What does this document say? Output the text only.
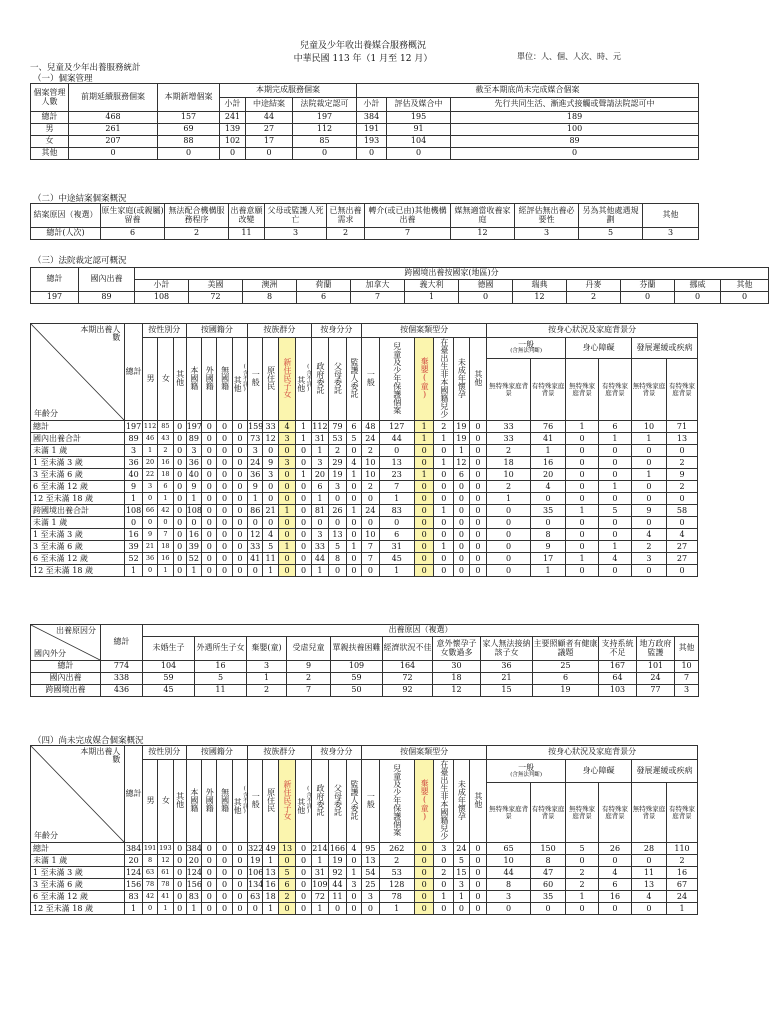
兒童及少年收出養媒合服務概況
中華民國 113 年（1 月至 12 月）	單位：人、個、人次、時、元
一、兒童及少年出養服務統計
（一）個案管理
個案管理人數	前期延續服務個案	本期新增個案	本期完成服務個案			截至本期底尚未完成媒合個案		
			小計	中途結案	法院裁定認可	小計	評估及媒合中	先行共同生活、漸進式接觸或聲請法院認可中
總計	468	157	241	44	197	384	195	189
男	261	69	139	27	112	191	91	100
女	207	88	102	17	85	193	104	89
其他	0	0	0	0	0	0	0	0
（二）中途結案個案概況
結案原因（複選）	原生家庭(或親屬)留養	無法配合機構服務程序	出養意願改變	父母或監護人死亡	已無出養需求	轉介(或已由)其他機構出養	媒無適當收養家庭	經評估無出養必要性	另為其他處遇規劃	其他
總計(人次)	6	2	11	3	2	7	12	3	5	3
（三）法院裁定認可概況
總計	國內出養	跨國境出養按國家(地區)分											
		小計	美國	澳洲	荷蘭	加拿大	義大利	德國	瑞典	丹麥	芬蘭	挪威	其他
197	89	108	72	8	6	7	1	0	12	2	0	0	0
本期出養人數
年齡分	總計	按性別分			按國籍分				按族群分				按身分分			按個案類型分						按身心狀況及家庭背景分					
		男	女	其他	本國籍	外國籍	無國籍	其他(含不詳)	一般	原住民	新住民子女	其他(含不詳)	政府委託	父母委託	監護人委託	一般	兒童及少年保護個案	棄嬰(童)	在臺出生非本國籍兒少	未成年懷孕	其他	一般
(含無法判斷)		身心障礙		發展遲緩或疾病	
																						無特殊家庭背景	有特殊家庭背景	無特殊家庭背景	有特殊家庭背景	無特殊家庭背景	有特殊家庭背景
總計	197	112	85	0	197	0	0	0	159	33	4	1	112	79	6	48	127	1	2	19	0	33	76	1	6	10	71
國內出養合計	89	46	43	0	89	0	0	0	73	12	3	1	31	53	5	24	44	1	1	19	0	33	41	0	1	1	13
未滿 1 歲	3	1	2	0	3	0	0	0	3	0	0	0	1	2	0	2	0	0	0	1	0	2	1	0	0	0	0
1 至未滿 3 歲	36	20	16	0	36	0	0	0	24	9	3	0	3	29	4	10	13	0	1	12	0	18	16	0	0	0	2
3 至未滿 6 歲	40	22	18	0	40	0	0	0	36	3	0	1	20	19	1	10	23	1	0	6	0	10	20	0	0	1	9
6 至未滿 12 歲	9	3	6	0	9	0	0	0	9	0	0	0	6	3	0	2	7	0	0	0	0	2	4	0	1	0	2
12 至未滿 18 歲	1	0	1	0	1	0	0	0	1	0	0	0	1	0	0	0	1	0	0	0	0	1	0	0	0	0	0
跨國境出養合計	108	66	42	0	108	0	0	0	86	21	1	0	81	26	1	24	83	0	1	0	0	0	35	1	5	9	58
未滿 1 歲	0	0	0	0	0	0	0	0	0	0	0	0	0	0	0	0	0	0	0	0	0	0	0	0	0	0	0
1 至未滿 3 歲	16	9	7	0	16	0	0	0	12	4	0	0	3	13	0	10	6	0	0	0	0	0	8	0	0	4	4
3 至未滿 6 歲	39	21	18	0	39	0	0	0	33	5	1	0	33	5	1	7	31	0	1	0	0	0	9	0	1	2	27
6 至未滿 12 歲	52	36	16	0	52	0	0	0	41	11	0	0	44	8	0	7	45	0	0	0	0	0	17	1	4	3	27
12 至未滿 18 歲	1	0	1	0	1	0	0	0	0	1	0	0	1	0	0	0	1	0	0	0	0	0	1	0	0	0	0
出養原因分
國內外分	總計	出養原因（複選）											
		未婚生子	外遇所生子女	棄嬰(童)	受虐兒童	單親扶養困難	經濟狀況不佳	意外懷孕子女數過多	家人無法接納該子女	主要照顧者有健康議題	支持系統不足	地方政府監護	其他
總計	774	104	16	3	9	109	164	30	36	25	167	101	10
國內出養	338	59	5	1	2	59	72	18	21	6	64	24	7
跨國境出養	436	45	11	2	7	50	92	12	15	19	103	77	3
（四）尚未完成媒合個案概況
本期出養人數
年齡分	總計	按性別分			按國籍分				按族群分				按身分分			按個案類型分						按身心狀況及家庭背景分					
		男	女	其他	本國籍	外國籍	無國籍	其他(含不詳)	一般	原住民	新住民子女	其他(含不詳)	政府委託	父母委託	監護人委託	一般	兒童及少年保護個案	棄嬰(童)	在臺出生非本國籍兒少	未成年懷孕	其他	一般
(含無法判斷)		身心障礙		發展遲緩或疾病	
																						無特殊家庭背景	有特殊家庭背景	無特殊家庭背景	有特殊家庭背景	無特殊家庭背景	有特殊家庭背景
總計	384	191	193	0	384	0	0	0	322	49	13	0	214	166	4	95	262	0	3	24	0	65	150	5	26	28	110
未滿 1 歲	20	8	12	0	20	0	0	0	19	1	0	0	1	19	0	13	2	0	0	5	0	10	8	0	0	0	2
1 至未滿 3 歲	124	63	61	0	124	0	0	0	106	13	5	0	31	92	1	54	53	0	2	15	0	44	47	2	4	11	16
3 至未滿 6 歲	156	78	78	0	156	0	0	0	134	16	6	0	109	44	3	25	128	0	0	3	0	8	60	2	6	13	67
6 至未滿 12 歲	83	42	41	0	83	0	0	0	63	18	2	0	72	11	0	3	78	0	1	1	0	3	35	1	16	4	24
12 至未滿 18 歲	1	0	1	0	1	0	0	0	0	1	0	0	1	0	0	0	1	0	0	0	0	0	0	0	0	0	1
